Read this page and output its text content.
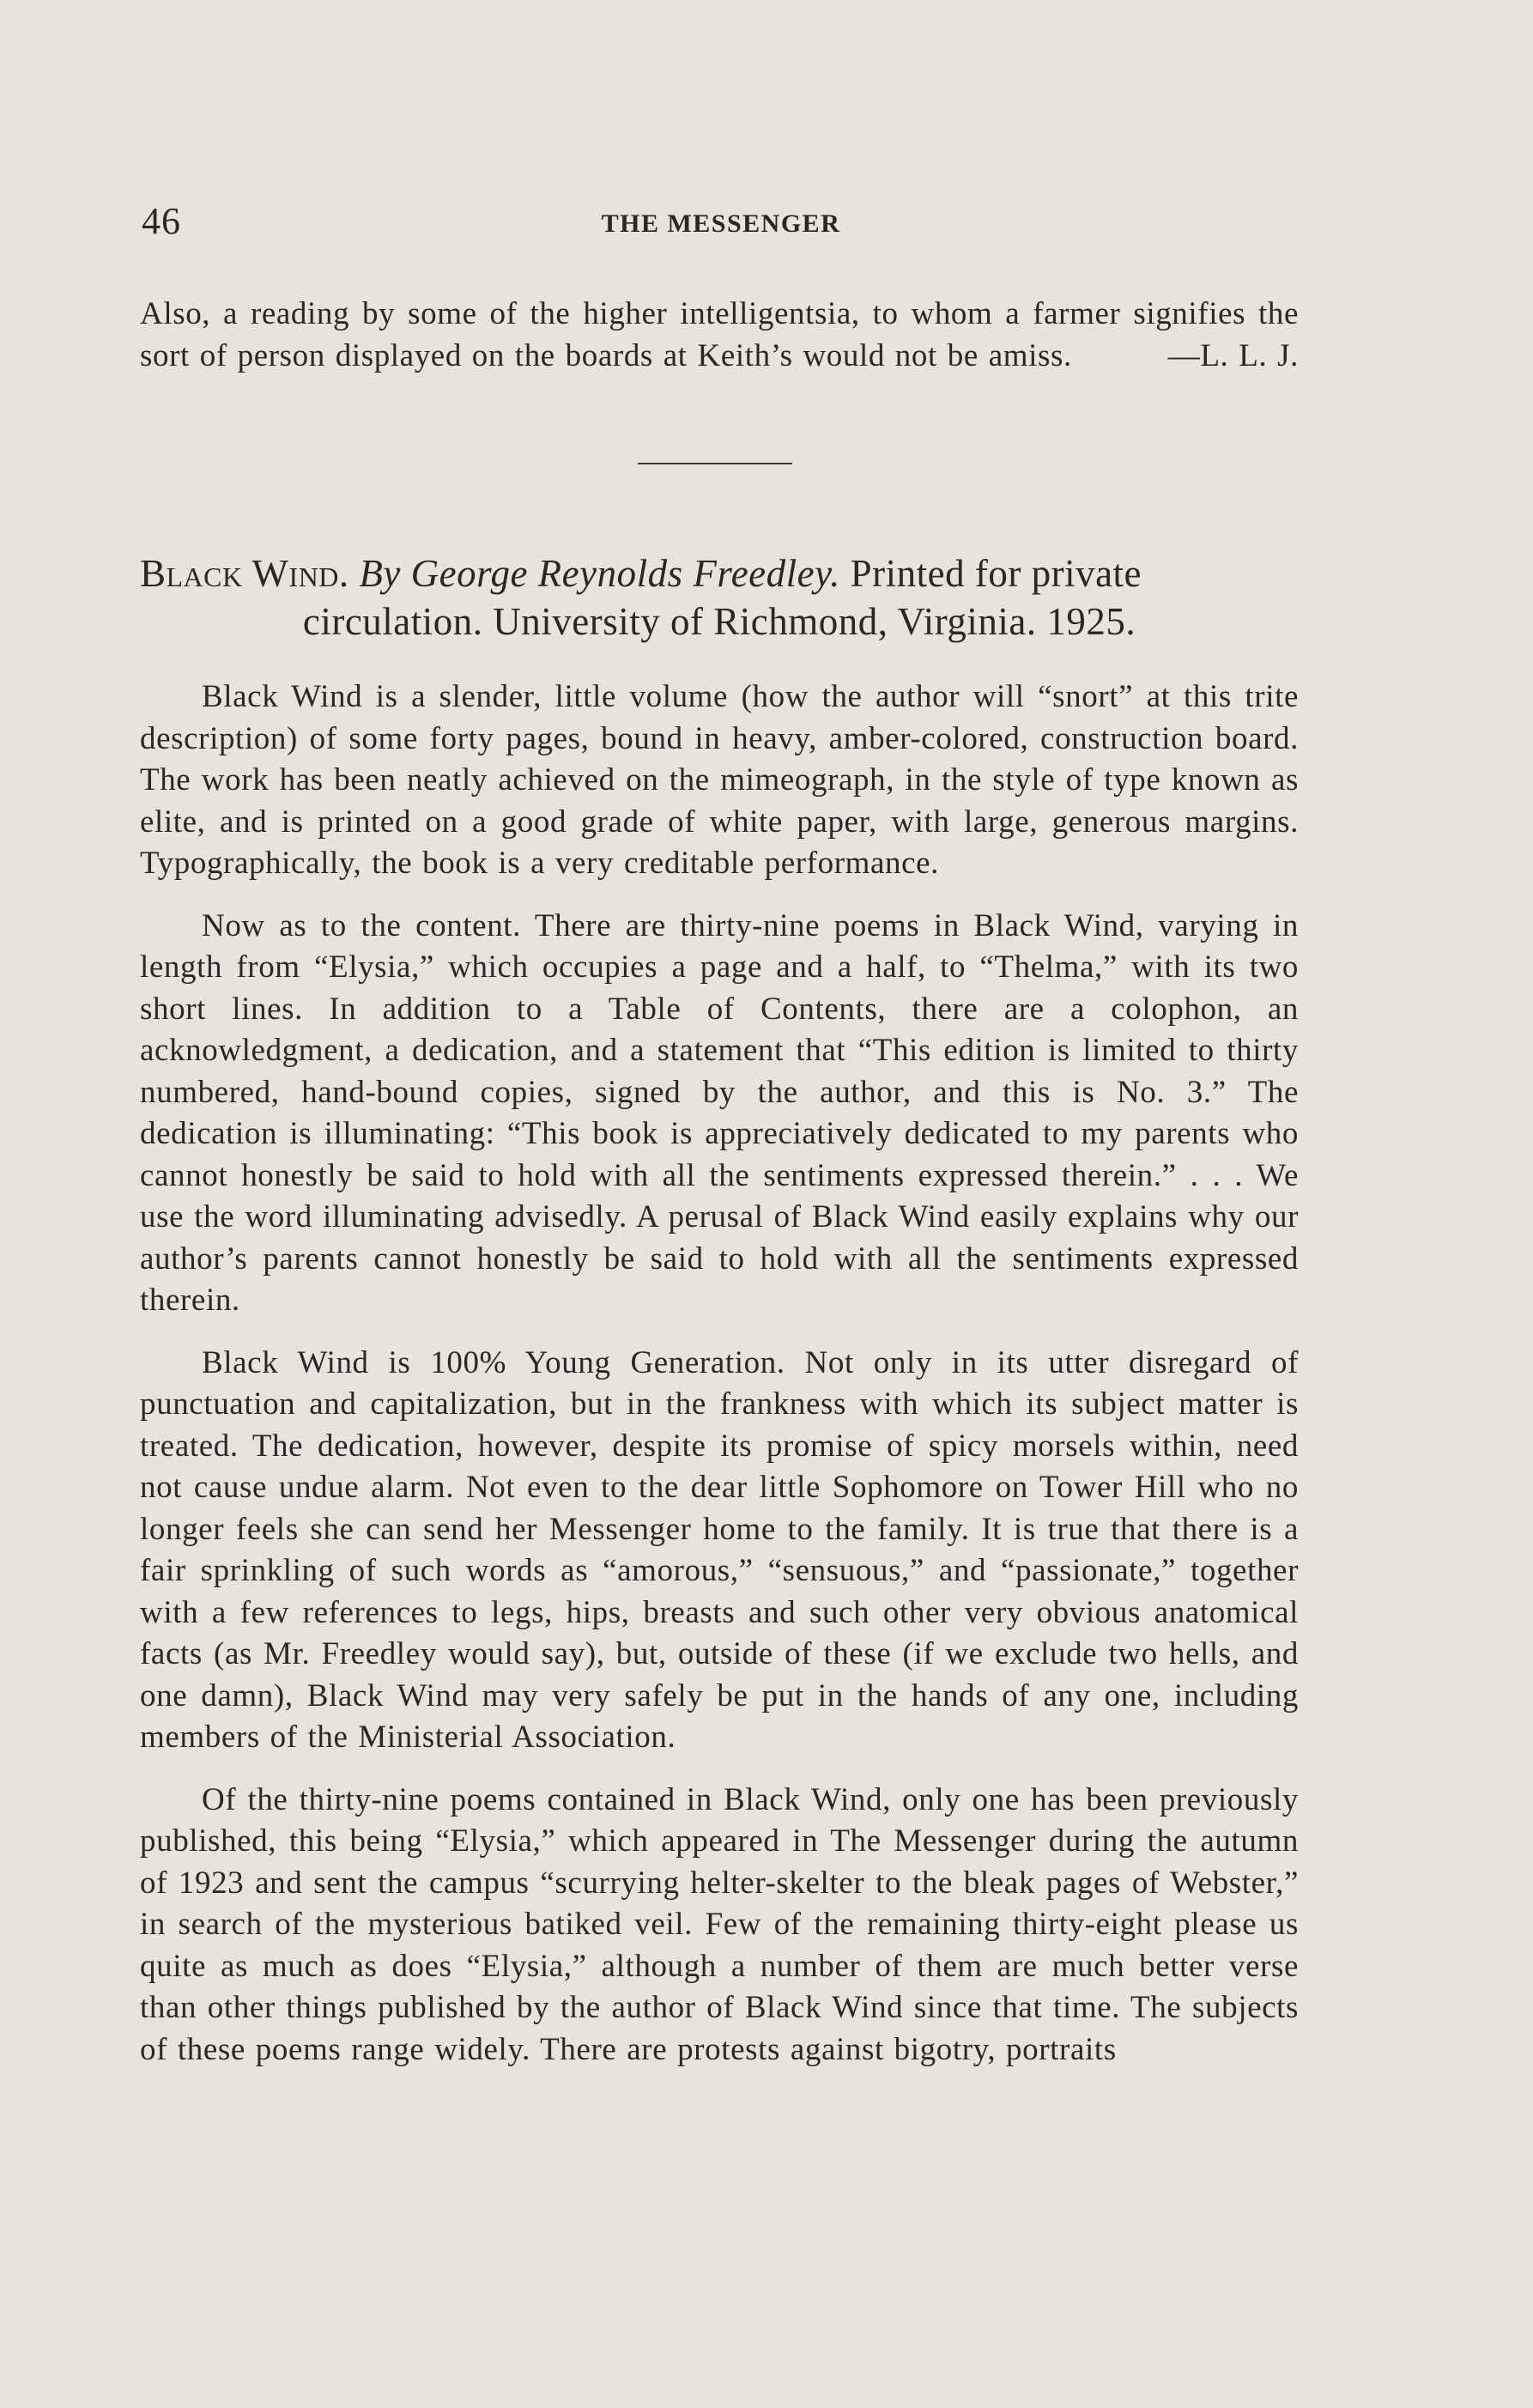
46	THE MESSENGER
Also, a reading by some of the higher intelligentsia, to whom a farmer signifies the sort of person displayed on the boards at Keith’s would not be amiss.	—L. L. J.
Black Wind. By George Reynolds Freedley. Printed for private
circulation. University of Richmond, Virginia. 1925.

Black Wind is a slender, little volume (how the author will “snort” at this trite description) of some forty pages, bound in heavy, amber-colored, construction board. The work has been neatly achieved on the mimeograph, in the style of type known as elite, and is printed on a good grade of white paper, with large, generous margins. Typographically, the book is a very creditable performance.

Now as to the content. There are thirty-nine poems in Black Wind, varying in length from “Elysia,” which occupies a page and a half, to “Thelma,” with its two short lines. In addition to a Table of Contents, there are a colophon, an acknowledgment, a dedication, and a statement that “This edition is limited to thirty numbered, hand-bound copies, signed by the author, and this is No. 3.” The dedication is illuminating: “This book is appreciatively dedicated to my parents who cannot honestly be said to hold with all the sentiments expressed therein.” . . . We use the word illuminating advisedly. A perusal of Black Wind easily explains why our author’s parents cannot honestly be said to hold with all the sentiments expressed therein.

Black Wind is 100% Young Generation. Not only in its utter disregard of punctuation and capitalization, but in the frankness with which its subject matter is treated. The dedication, however, despite its promise of spicy morsels within, need not cause undue alarm. Not even to the dear little Sophomore on Tower Hill who no longer feels she can send her Messenger home to the family. It is true that there is a fair sprinkling of such words as “amorous,” “sensuous,” and “passionate,” together with a few references to legs, hips, breasts and such other very obvious anatomical facts (as Mr. Freedley would say), but, outside of these (if we exclude two hells, and one damn), Black Wind may very safely be put in the hands of any one, including members of the Ministerial Association.

Of the thirty-nine poems contained in Black Wind, only one has been previously published, this being “Elysia,” which appeared in The Messenger during the autumn of 1923 and sent the campus “scurrying helter-skelter to the bleak pages of Webster,” in search of the mysterious batiked veil. Few of the remaining thirty-eight please us quite as much as does “Elysia,” although a number of them are much better verse than other things published by the author of Black Wind since that time. The subjects of these poems range widely. There are protests against bigotry, portraits
